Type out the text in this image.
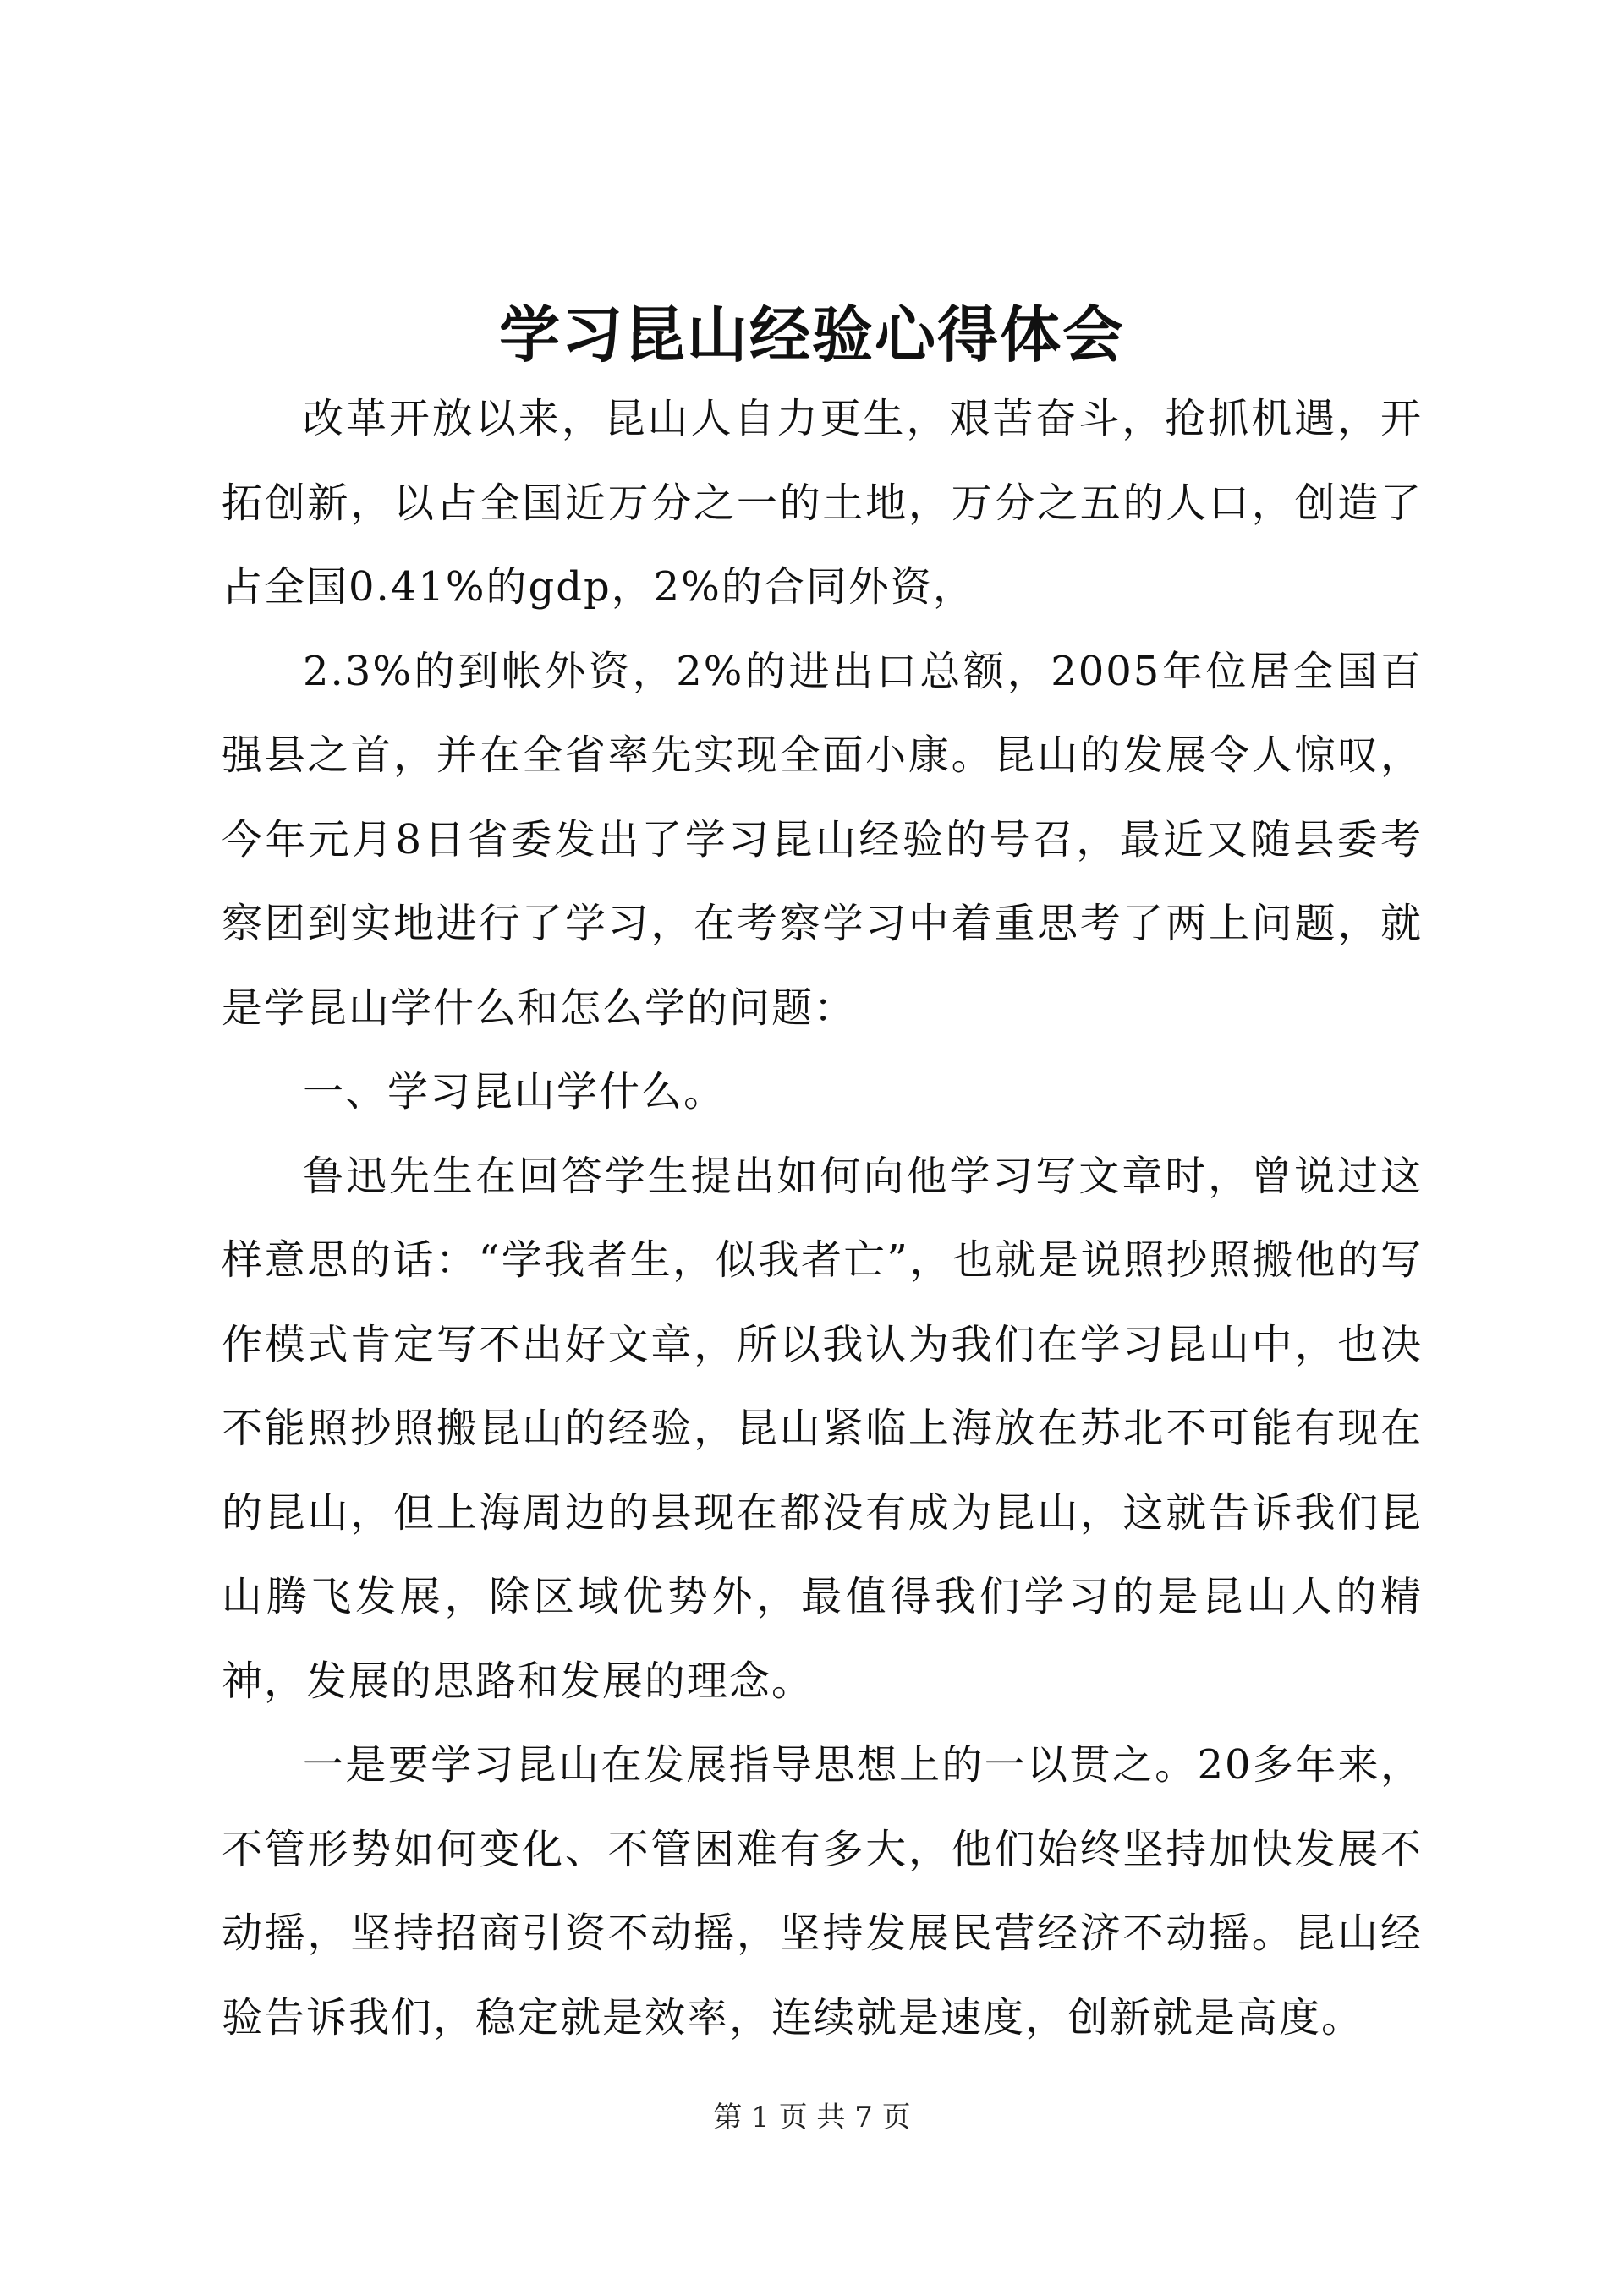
学习昆山经验心得体会

改革开放以来，昆山人自力更生，艰苦奋斗，抢抓机遇，开拓创新，以占全国近万分之一的土地，万分之五的人口，创造了占全国0.41%的gdp，2%的合同外资，

2.3%的到帐外资，2%的进出口总额，2005年位居全国百强县之首，并在全省率先实现全面小康。昆山的发展令人惊叹，今年元月8日省委发出了学习昆山经验的号召，最近又随县委考察团到实地进行了学习，在考察学习中着重思考了两上问题，就是学昆山学什么和怎么学的问题：

一、学习昆山学什么。

鲁迅先生在回答学生提出如何向他学习写文章时，曾说过这样意思的话：“学我者生，似我者亡”，也就是说照抄照搬他的写作模式肯定写不出好文章，所以我认为我们在学习昆山中，也决不能照抄照搬昆山的经验，昆山紧临上海放在苏北不可能有现在的昆山，但上海周边的县现在都没有成为昆山，这就告诉我们昆山腾飞发展，除区域优势外，最值得我们学习的是昆山人的精神，发展的思路和发展的理念。

一是要学习昆山在发展指导思想上的一以贯之。20多年来，不管形势如何变化、不管困难有多大，他们始终坚持加快发展不动摇，坚持招商引资不动摇，坚持发展民营经济不动摇。昆山经验告诉我们，稳定就是效率，连续就是速度，创新就是高度。

第 1 页 共 7 页
